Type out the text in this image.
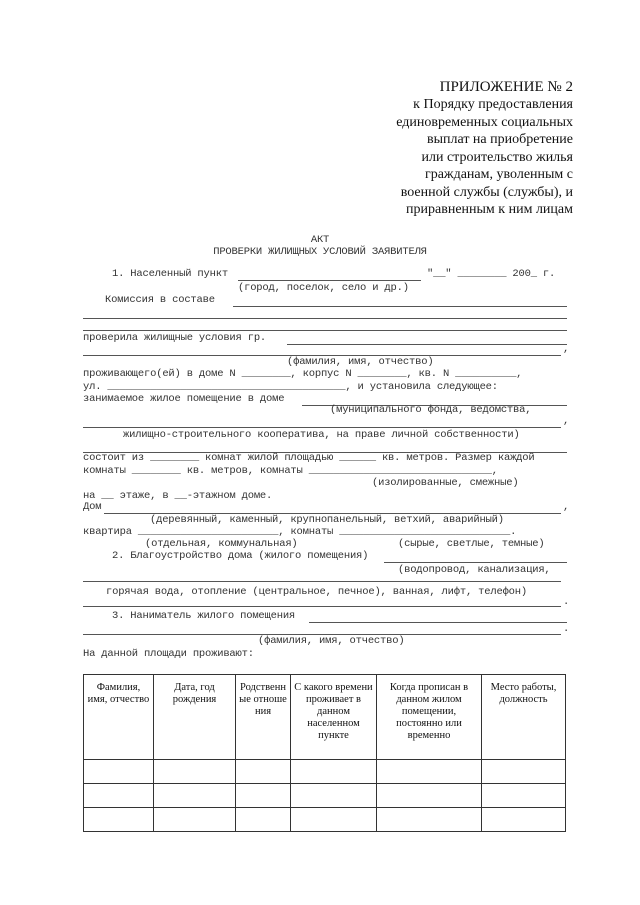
ПРИЛОЖЕНИЕ № 2
к Порядку предоставления
единовременных социальных
выплат на приобретение
или строительство жилья
гражданам, уволенным с
военной службы (службы), и
приравненным к ним лицам
АКТ
ПРОВЕРКИ ЖИЛИЩНЫХ УСЛОВИЙ ЗАЯВИТЕЛЯ
1. Населенный пункт	"__" ________ 200_ г.
(город, поселок, село и др.)
Комиссия в составе
проверила жилищные условия гр.
,
(фамилия, имя, отчество)
проживающего(ей) в доме N ________, корпус N ________, кв. N __________,
ул. _______________________________________, и установила следующее:
занимаемое жилое помещение в доме
(муниципального фонда, ведомства,
,
жилищно-строительного кооператива, на праве личной собственности)
состоит из ________ комнат жилой площадью ______ кв. метров. Размер каждой
комнаты ________ кв. метров, комнаты ______________________________,
(изолированные, смежные)
на __ этаже, в __-этажном доме.
Дом	,
(деревянный, каменный, крупнопанельный, ветхий, аварийный)
квартира _______________________, комнаты ____________________________.
(отдельная, коммунальная)	(сырые, светлые, темные)
2. Благоустройство дома (жилого помещения)
(водопровод, канализация,
горячая вода, отопление (центральное, печное), ванная, лифт, телефон)
.
3. Наниматель жилого помещения
.
(фамилия, имя, отчество)
На данной площади проживают:
Фамилия, имя, отчество	Дата, год рождения	Родственные отношения	С какого времени проживает в данном населенном пункте	Когда прописан в данном жилом помещении, постоянно или временно	Место работы, должность
